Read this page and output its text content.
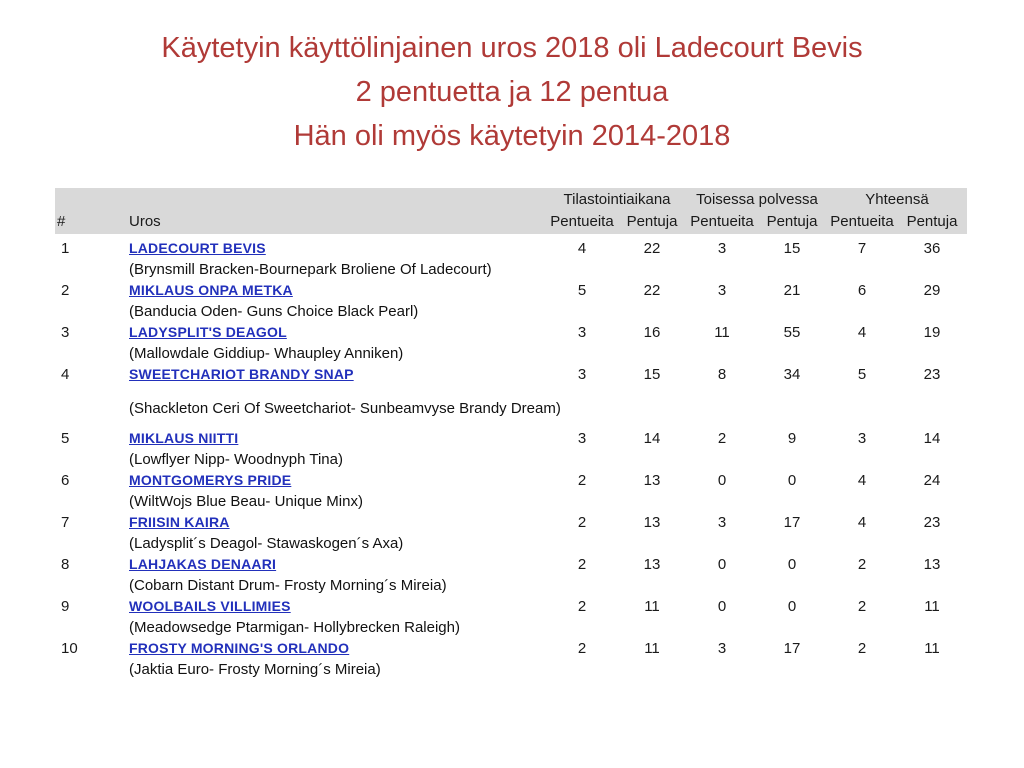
Käytetyin käyttölinjainen uros 2018 oli Ladecourt Bevis
2 pentuetta ja 12 pentua
Hän oli myös käytetyin 2014-2018
Tilastointiaikana	Toisessa polvessa	Yhteensä
#	Uros	Pentueita Pentuja Pentueita Pentuja Pentueita Pentuja
1	LADECOURT BEVIS	4	22	3	15	7	36
(Brynsmill Bracken-Bournepark Broliene Of Ladecourt)
2	MIKLAUS ONPA METKA	5	22	3	21	6	29
(Banducia Oden- Guns Choice Black Pearl)
3	LADYSPLIT'S DEAGOL	3	16	11	55	4	19
(Mallowdale Giddiup- Whaupley Anniken)
4	SWEETCHARIOT BRANDY SNAP	3	15	8	34	5	23
(Shackleton Ceri Of Sweetchariot- Sunbeamvyse Brandy Dream)
5	MIKLAUS NIITTI	3	14	2	9	3	14
(Lowflyer Nipp- Woodnyph Tina)
6	MONTGOMERYS PRIDE	2	13	0	0	4	24
(WiltWojs Blue Beau- Unique Minx)
7	FRIISIN KAIRA	2	13	3	17	4	23
(Ladysplit´s Deagol- Stawaskogen´s Axa)
8	LAHJAKAS DENAARI	2	13	0	0	2	13
(Cobarn Distant Drum- Frosty Morning´s Mireia)
9	WOOLBAILS VILLIMIES	2	11	0	0	2	11
(Meadowsedge Ptarmigan- Hollybrecken Raleigh)
10	FROSTY MORNING'S ORLANDO	2	11	3	17	2	11
(Jaktia Euro- Frosty Morning´s Mireia)
